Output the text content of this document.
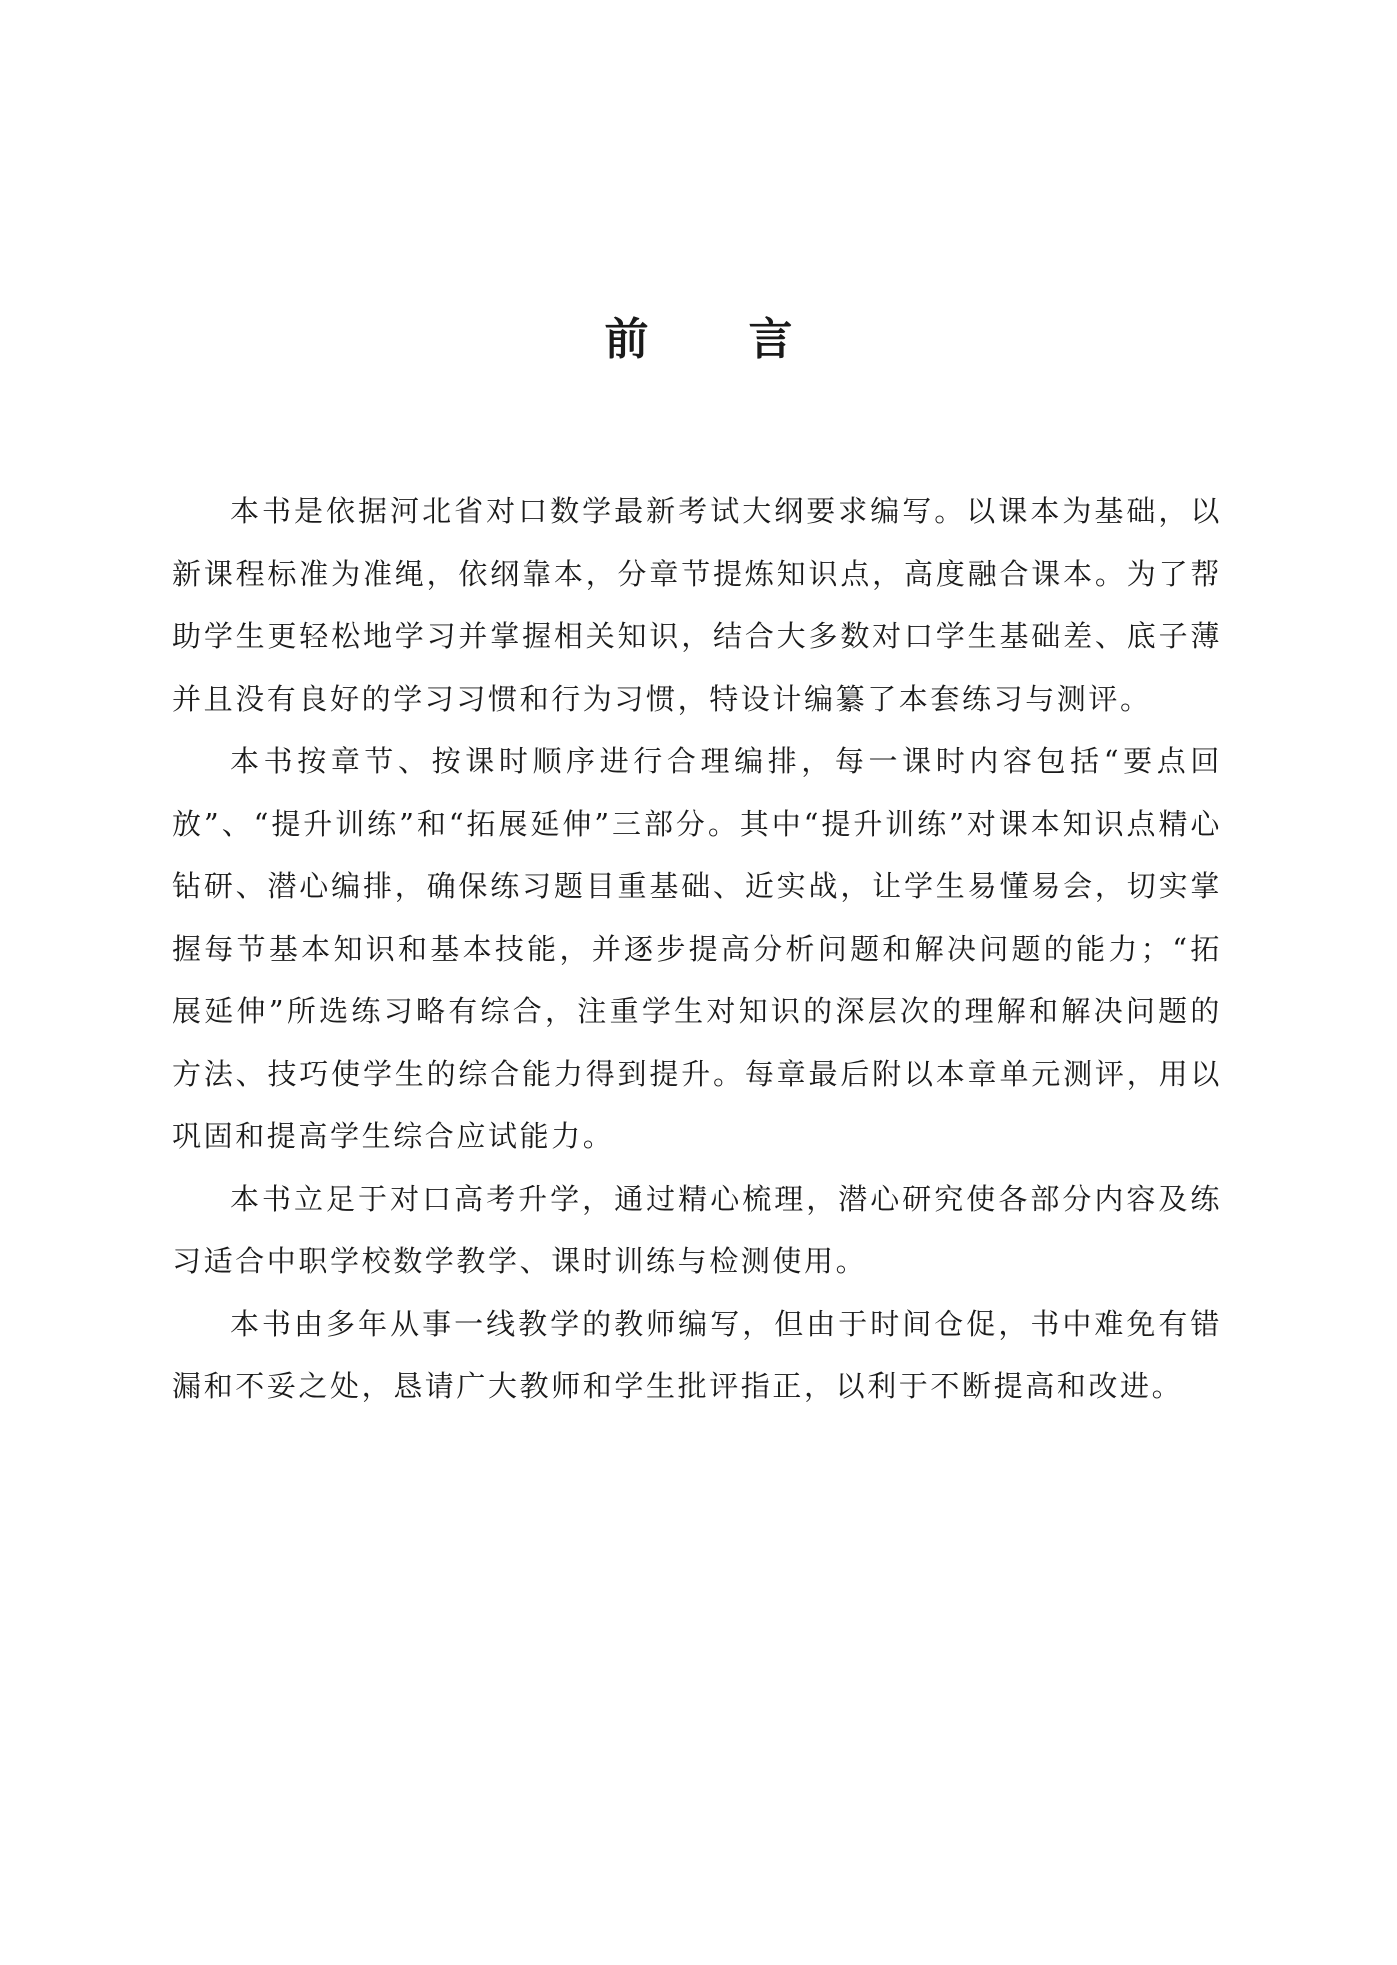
前 言

本书是依据河北省对口数学最新考试大纲要求编写。以课本为基础，以新课程标准为准绳，依纲靠本，分章节提炼知识点，高度融合课本。为了帮助学生更轻松地学习并掌握相关知识，结合大多数对口学生基础差、底子薄并且没有良好的学习习惯和行为习惯，特设计编纂了本套练习与测评。

本书按章节、按课时顺序进行合理编排，每一课时内容包括“要点回放”、“提升训练”和“拓展延伸”三部分。其中“提升训练”对课本知识点精心钻研、潜心编排，确保练习题目重基础、近实战，让学生易懂易会，切实掌握每节基本知识和基本技能，并逐步提高分析问题和解决问题的能力；“拓展延伸”所选练习略有综合，注重学生对知识的深层次的理解和解决问题的方法、技巧使学生的综合能力得到提升。每章最后附以本章单元测评，用以巩固和提高学生综合应试能力。

本书立足于对口高考升学，通过精心梳理，潜心研究使各部分内容及练习适合中职学校数学教学、课时训练与检测使用。

本书由多年从事一线教学的教师编写，但由于时间仓促，书中难免有错漏和不妥之处，恳请广大教师和学生批评指正，以利于不断提高和改进。
